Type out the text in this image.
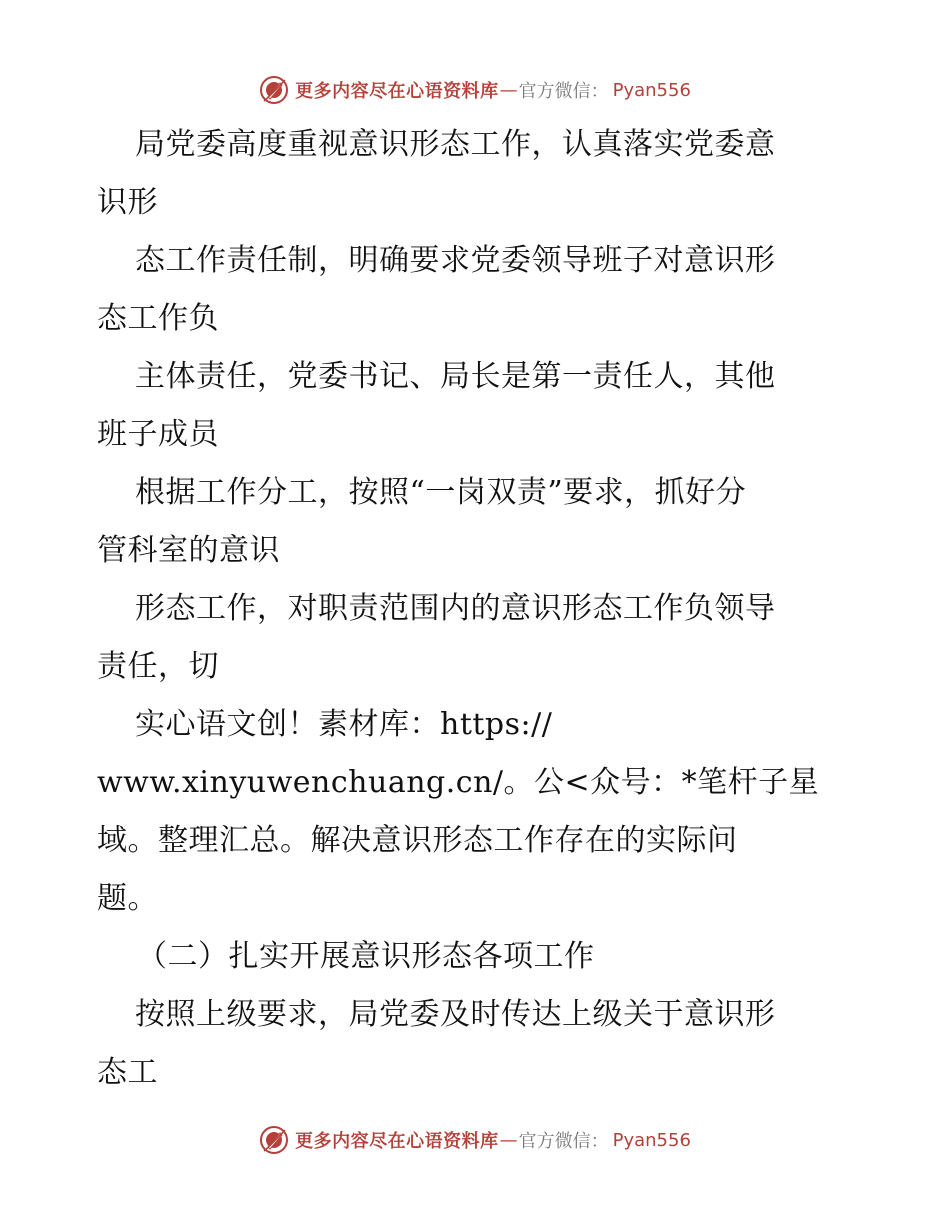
更多内容尽在心语资料库 — 官方微信： Pyan556
局党委高度重视意识形态工作，认真落实党委意
识形
态工作责任制，明确要求党委领导班子对意识形
态工作负
主体责任，党委书记、局长是第一责任人，其他
班子成员
根据工作分工，按照“一岗双责”要求，抓好分
管科室的意识
形态工作，对职责范围内的意识形态工作负领导
责任，切
实心语文创！素材库：https://
www.xinyuwenchuang.cn/。公<众号：*笔杆子星
域。整理汇总。解决意识形态工作存在的实际问
题。
（二）扎实开展意识形态各项工作
按照上级要求，局党委及时传达上级关于意识形
态工
更多内容尽在心语资料库 — 官方微信： Pyan556
